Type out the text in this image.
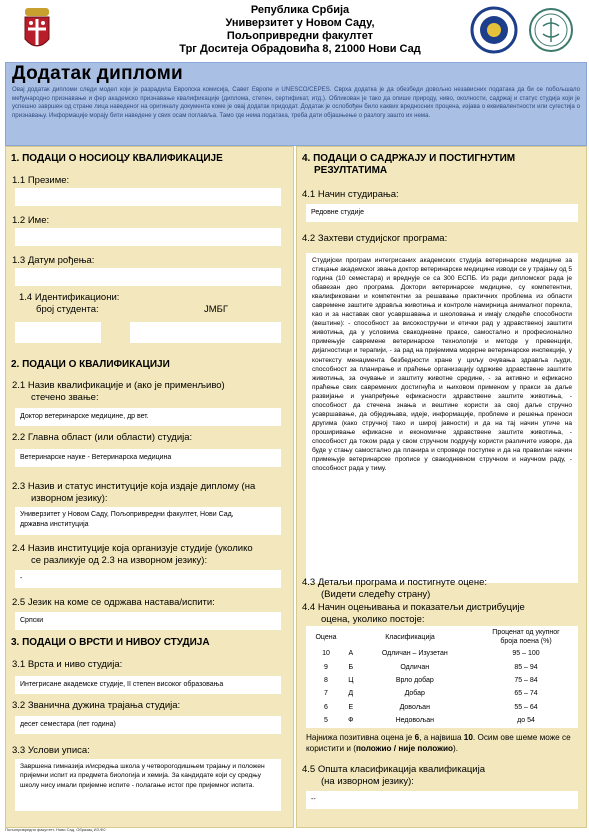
Република Србија
Универзитет у Новом Саду,
Пољопривредни факултет
Трг Доситеја Обрадовића 8, 21000 Нови Сад
Додатак дипломи
Овај додатак дипломи следи модел који је разрадила Европска комисија, Савет Европе и UNESCO/CEPES. Сврха додатка је да обезбеди довољно независних података да би се побољшало међународно признавање и фер академско признавање квалификације (диплома, степен, сертификат, итд.). Обликован је тако да опише природу, ниво, околности, садржај и статус студија који је успешно завршен од стране лица наведеног на оригиналу документа коме је овај додатак придодат. Додатак је ослобођен било каквих вредносних процена, изјава о еквивалентности или сугестија о признавању. Информације морају бити наведене у свих осам поглавља. Тамо где нема података, треба дати објашњење о разлогу зашто их нема.
1. ПОДАЦИ О НОСИОЦУ КВАЛИФИКАЦИЈЕ
1.1 Презиме:
1.2 Име:
1.3 Датум рођења:
1.4 Идентификациони:
број студента:	ЈМБГ
2. ПОДАЦИ О КВАЛИФИКАЦИЈИ
2.1 Назив квалификације и (ако је применљиво)
стечено звање:
Доктор ветеринарске медицине, др вет.
2.2 Главна област (или области) студија:
Ветеринарске науке - Ветеринарска медицина
2.3 Назив и статус институције која издаје диплому (на
изворном језику):
Универзитет у Новом Саду, Пољопривредни факултет, Нови Сад,
државна институција
2.4 Назив институције која организује студије (уколико
се разликује од 2.3 на изворном језику):
-
2.5 Језик на коме се одржава настава/испити:
Српски
3. ПОДАЦИ О ВРСТИ И НИВОУ СТУДИЈА
3.1 Врста и ниво студија:
Интегрисане академске студије, II степен високог образовања
3.2 Званична дужина трајања студија:
десет семестара (пет година)
3.3 Услови уписа:
Завршена гимназија и/исредња школа у четворогодишњем трајању и положен пријемни испит из предмета биологија и хемија. За кандидате који су средњу школу нису имали пријемне испите - полагање истог пре пријемног испита.
4. ПОДАЦИ О САДРЖАЈУ И ПОСТИГНУТИМ
РЕЗУЛТАТИМА
4.1 Начин студирања:
Редовне студије
4.2 Захтеви студијског програма:
Студијски програм интегрисаних академских студија ветеринарске медицине за стицање академског звања доктор ветеринарске медицине изводи се у трајању од 5 година (10 семестара) и вреднује се са 300 ЕСПБ. Из ради дипломског рада је обавезан део програма. Доктори ветеринарске медицине, су компетентни, квалификовани и компетентни за решавање практичних проблема из области савремене заштите здравља животиња и контроле намирница анималног порекла, као и за наставак свог усавршавања и школовања и имају следеће способности (вештине): - способност за високостручни и етички рад у здравственој заштити животиња, да у условима свакодневне праксе, самостално и професионално примењује савремене ветеринарске технологије и методе у превенцији, дијагностици и терапији, - за рад на пријемима модерне ветеринарске инспекције, у контексту менаџмента безбедности хране у циљу очувања здравља људи, способност за планирање и праћење организацију одрживе здравствене заштите животиња, за очување и заштиту животне средине, - за активно и ефикасно праћење свих савремених достигнућа и њиховом применом у пракси за даље развијање и унапређење ефикасности здравствене заштите животиња, - способност да стечена знања и вештине користи за свој даље стручно усавршавање, да обједињава, идеје, информације, проблеме и решења преноси другима (како стручној тако и широј јавности) и да на тај начин утиче на проширивање ефикасне и економичне здравствене заштите животиња, - способност да током рада у свом стручном подручју користи различите изворе, да буде у стању самостално да планира и спроведе поступке и да на правилан начин примењује ветеринарске прописе у свакодневном стручном и научном раду, - способност рада у тиму.
4.3 Детаљи програма и постигнуте оцене:
(Видети следећу страну)
4.4 Начин оцењивања и показатељи дистрибуције
оцена, уколико постоје:
Оцена	Класификација		Проценат од укупног
броја поена (%)

10	А	Одличан – Изузетан	95 – 100
9	Б	Одличан	85 – 94
8	Ц	Врло добар	75 – 84
7	Д	Добар	65 – 74
6	Е	Довољан	55 – 64
5	Ф	Недовољан	до 54
Најнижа позитивна оцена је 6, а највиша 10. Осим ове шеме може се користити и (положио / није положио).
4.5 Општа класификација квалификација
(на изворном језику):
--
Пољопривредни факултет, Нови Сад, Образац ИЗ-Ф0
